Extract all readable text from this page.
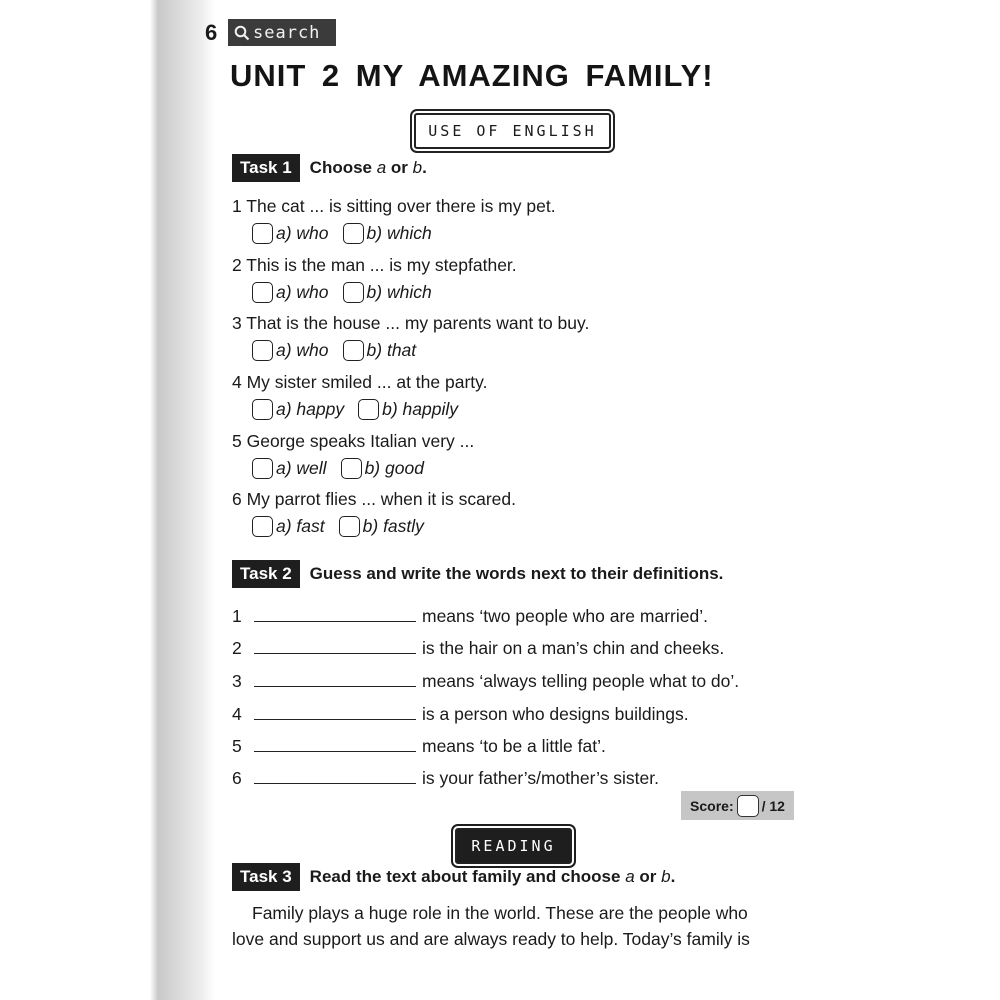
6 search
UNIT 2 MY AMAZING FAMILY!
USE OF ENGLISH
Task 1	Choose a or b.
1 The cat ... is sitting over there is my pet.
a) who b) which
2 This is the man ... is my stepfather.
a) who b) which
3 That is the house ... my parents want to buy.
a) who b) that
4 My sister smiled ... at the party.
a) happy b) happily
5 George speaks Italian very ...
a) well b) good
6 My parrot flies ... when it is scared.
a) fast b) fastly
Task 2	Guess and write the words next to their definitions.
1	means ‘two people who are married’.
2	is the hair on a man’s chin and cheeks.
3	means ‘always telling people what to do’.
4	is a person who designs buildings.
5	means ‘to be a little fat’.
6	is your father’s/mother’s sister.
Score: / 12
READING
Task 3	Read the text about family and choose a or b.
Family plays a huge role in the world. These are the people who
love and support us and are always ready to help. Today’s family is
